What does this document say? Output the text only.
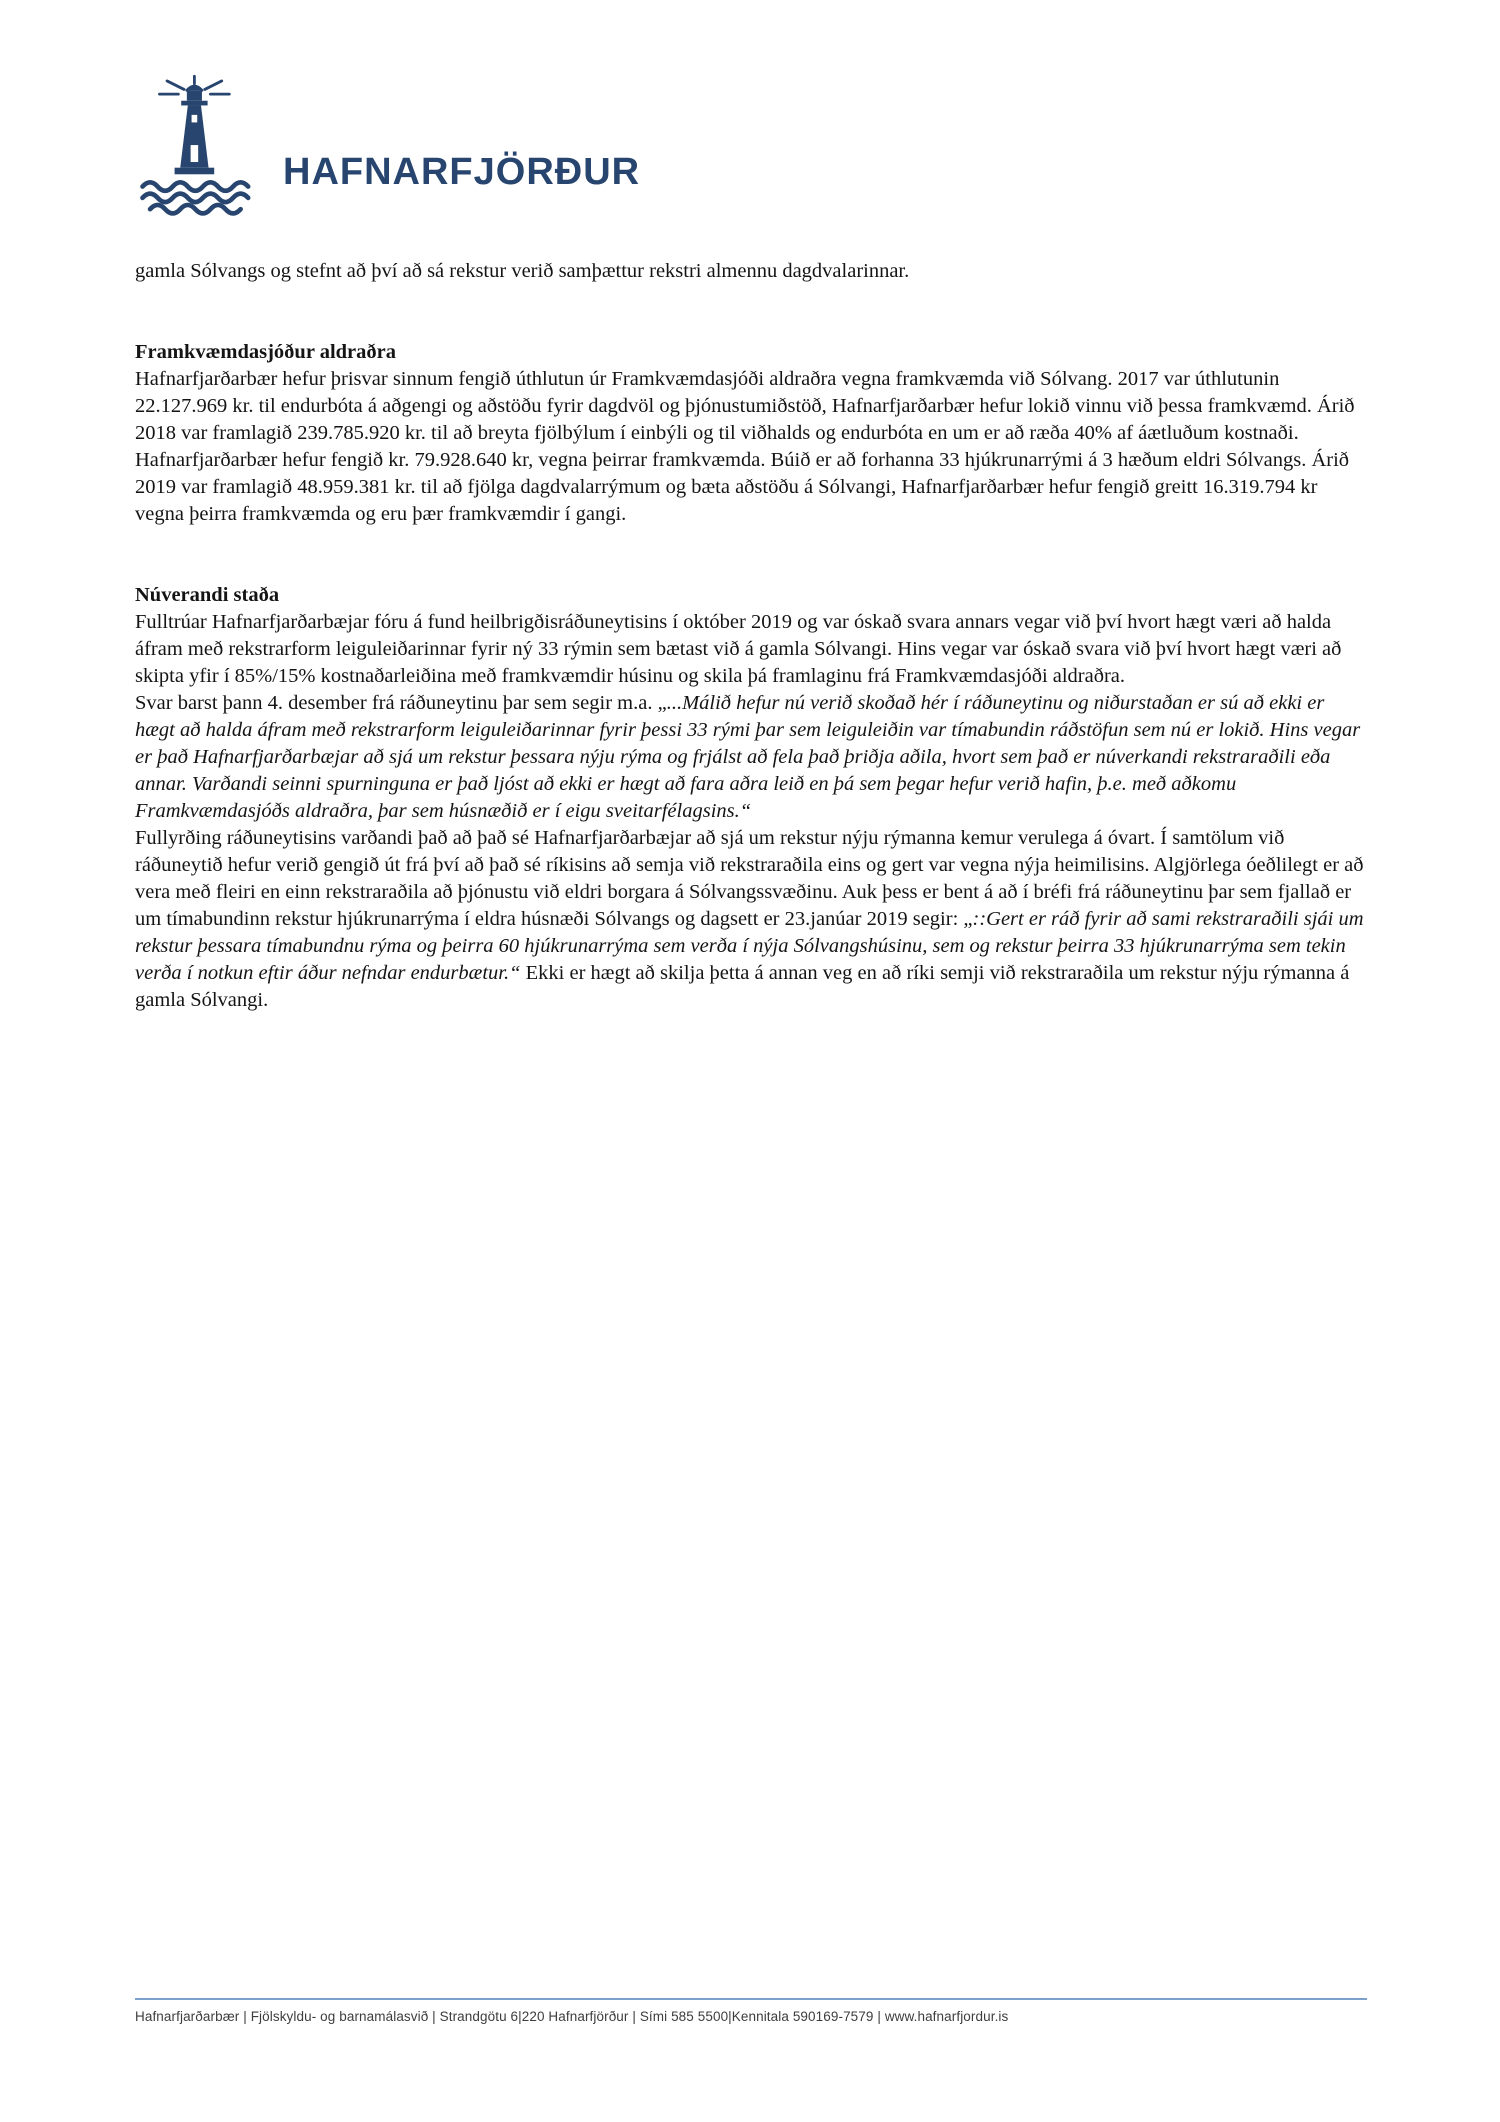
HAFNARFJÖRÐUR

gamla Sólvangs og stefnt að því að sá rekstur verið samþættur rekstri almennu dagdvalarinnar.

Framkvæmdasjóður aldraðra

Hafnarfjarðarbær hefur þrisvar sinnum fengið úthlutun úr Framkvæmdasjóði aldraðra vegna framkvæmda við Sólvang. 2017 var úthlutunin 22.127.969 kr. til endurbóta á aðgengi og aðstöðu fyrir dagdvöl og þjónustumiðstöð, Hafnarfjarðarbær hefur lokið vinnu við þessa framkvæmd. Árið 2018 var framlagið 239.785.920 kr. til að breyta fjölbýlum í einbýli og til viðhalds og endurbóta en um er að ræða 40% af áætluðum kostnaði. Hafnarfjarðarbær hefur fengið kr. 79.928.640 kr, vegna þeirrar framkvæmda. Búið er að forhanna 33 hjúkrunarrými á 3 hæðum eldri Sólvangs. Árið 2019 var framlagið 48.959.381 kr. til að fjölga dagdvalarrýmum og bæta aðstöðu á Sólvangi, Hafnarfjarðarbær hefur fengið greitt 16.319.794 kr vegna þeirra framkvæmda og eru þær framkvæmdir í gangi.

Núverandi staða

Fulltrúar Hafnarfjarðarbæjar fóru á fund heilbrigðisráðuneytisins í október 2019 og var óskað svara annars vegar við því hvort hægt væri að halda áfram með rekstrarform leiguleiðarinnar fyrir ný 33 rýmin sem bætast við á gamla Sólvangi. Hins vegar var óskað svara við því hvort hægt væri að skipta yfir í 85%/15% kostnaðarleiðina með framkvæmdir húsinu og skila þá framlaginu frá Framkvæmdasjóði aldraðra.

Svar barst þann 4. desember frá ráðuneytinu þar sem segir m.a. „...Málið hefur nú verið skoðað hér í ráðuneytinu og niðurstaðan er sú að ekki er hægt að halda áfram með rekstrarform leiguleiðarinnar fyrir þessi 33 rými þar sem leiguleiðin var tímabundin ráðstöfun sem nú er lokið. Hins vegar er það Hafnarfjarðarbæjar að sjá um rekstur þessara nýju rýma og frjálst að fela það þriðja aðila, hvort sem það er núverkandi rekstraraðili eða annar. Varðandi seinni spurninguna er það ljóst að ekki er hægt að fara aðra leið en þá sem þegar hefur verið hafin, þ.e. með aðkomu Framkvæmdasjóðs aldraðra, þar sem húsnæðið er í eigu sveitarfélagsins.“

Fullyrðing ráðuneytisins varðandi það að það sé Hafnarfjarðarbæjar að sjá um rekstur nýju rýmanna kemur verulega á óvart. Í samtölum við ráðuneytið hefur verið gengið út frá því að það sé ríkisins að semja við rekstraraðila eins og gert var vegna nýja heimilisins. Algjörlega óeðlilegt er að vera með fleiri en einn rekstraraðila að þjónustu við eldri borgara á Sólvangssvæðinu. Auk þess er bent á að í bréfi frá ráðuneytinu þar sem fjallað er um tímabundinn rekstur hjúkrunarrýma í eldra húsnæði Sólvangs og dagsett er 23.janúar 2019 segir: „::Gert er ráð fyrir að sami rekstraraðili sjái um rekstur þessara tímabundnu rýma og þeirra 60 hjúkrunarrýma sem verða í nýja Sólvangshúsinu, sem og rekstur þeirra 33 hjúkrunarrýma sem tekin verða í notkun eftir áður nefndar endurbætur.“ Ekki er hægt að skilja þetta á annan veg en að ríki semji við rekstraraðila um rekstur nýju rýmanna á gamla Sólvangi.

Hafnarfjarðarbær | Fjölskyldu- og barnamálasvið | Strandgötu 6|220 Hafnarfjörður | Sími 585 5500|Kennitala 590169-7579 | www.hafnarfjordur.is
